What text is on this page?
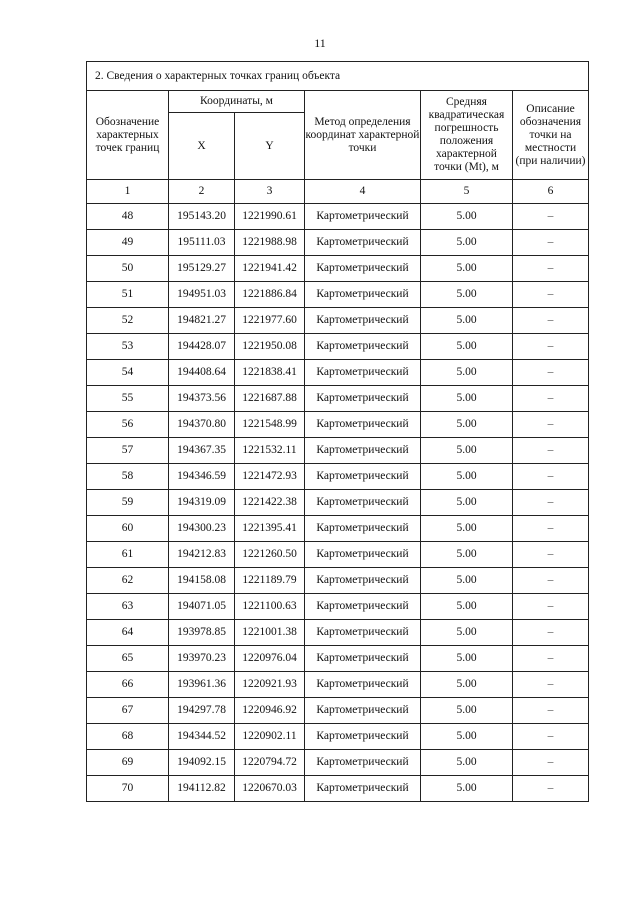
11
2. Сведения о характерных точках границ объекта					
Обозначение характерных точек границ	Координаты, м		Метод определения координат характерной точки	Средняя квадратическая погрешность положения характерной точки (Mt), м	Описание обозначения точки на местности (при наличии)
	X	Y			
1	2	3	4	5	6
48	195143.20	1221990.61	Картометрический	5.00	–
49	195111.03	1221988.98	Картометрический	5.00	–
50	195129.27	1221941.42	Картометрический	5.00	–
51	194951.03	1221886.84	Картометрический	5.00	–
52	194821.27	1221977.60	Картометрический	5.00	–
53	194428.07	1221950.08	Картометрический	5.00	–
54	194408.64	1221838.41	Картометрический	5.00	–
55	194373.56	1221687.88	Картометрический	5.00	–
56	194370.80	1221548.99	Картометрический	5.00	–
57	194367.35	1221532.11	Картометрический	5.00	–
58	194346.59	1221472.93	Картометрический	5.00	–
59	194319.09	1221422.38	Картометрический	5.00	–
60	194300.23	1221395.41	Картометрический	5.00	–
61	194212.83	1221260.50	Картометрический	5.00	–
62	194158.08	1221189.79	Картометрический	5.00	–
63	194071.05	1221100.63	Картометрический	5.00	–
64	193978.85	1221001.38	Картометрический	5.00	–
65	193970.23	1220976.04	Картометрический	5.00	–
66	193961.36	1220921.93	Картометрический	5.00	–
67	194297.78	1220946.92	Картометрический	5.00	–
68	194344.52	1220902.11	Картометрический	5.00	–
69	194092.15	1220794.72	Картометрический	5.00	–
70	194112.82	1220670.03	Картометрический	5.00	–
